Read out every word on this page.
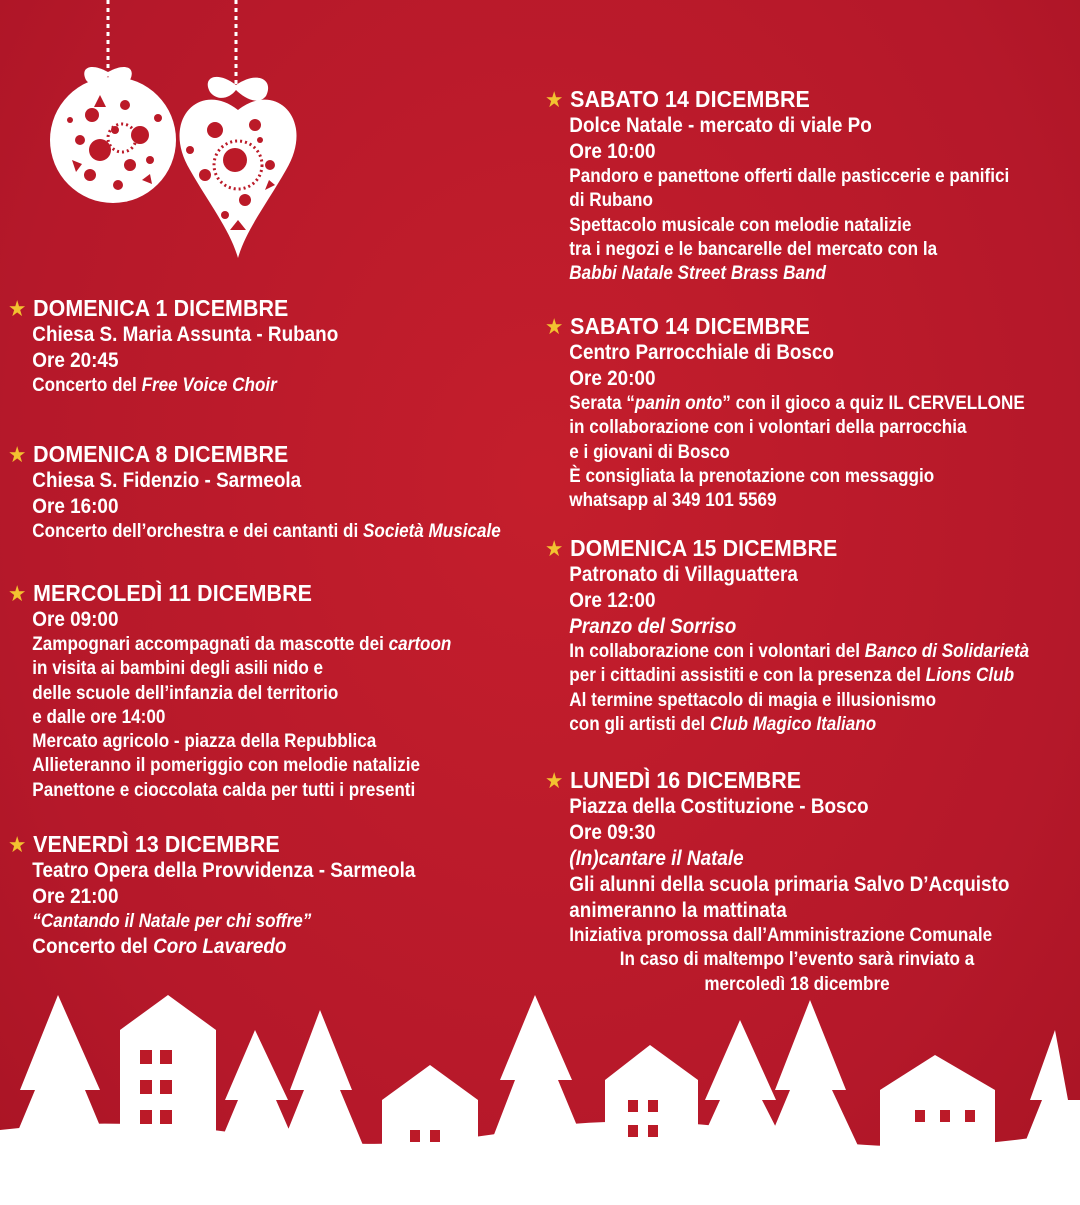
★ DOMENICA 1 DICEMBRE
Chiesa S. Maria Assunta - Rubano
Ore 20:45
Concerto del Free Voice Choir
★ DOMENICA 8 DICEMBRE
Chiesa S. Fidenzio - Sarmeola
Ore 16:00
Concerto dell’orchestra e dei cantanti di Società Musicale
★ MERCOLEDÌ 11 DICEMBRE
Ore 09:00
Zampognari accompagnati da mascotte dei cartoon
in visita ai bambini degli asili nido e
delle scuole dell’infanzia del territorio
e dalle ore 14:00
Mercato agricolo - piazza della Repubblica
Allieteranno il pomeriggio con melodie natalizie
Panettone e cioccolata calda per tutti i presenti
★ VENERDÌ 13 DICEMBRE
Teatro Opera della Provvidenza - Sarmeola
Ore 21:00
“Cantando il Natale per chi soffre”
Concerto del Coro Lavaredo
★ SABATO 14 DICEMBRE
Dolce Natale - mercato di viale Po
Ore 10:00
Pandoro e panettone offerti dalle pasticcerie e panifici
di Rubano
Spettacolo musicale con melodie natalizie
tra i negozi e le bancarelle del mercato con la
Babbi Natale Street Brass Band
★ SABATO 14 DICEMBRE
Centro Parrocchiale di Bosco
Ore 20:00
Serata “panin onto” con il gioco a quiz IL CERVELLONE
in collaborazione con i volontari della parrocchia
e i giovani di Bosco
È consigliata la prenotazione con messaggio
whatsapp al 349 101 5569
★ DOMENICA 15 DICEMBRE
Patronato di Villaguattera
Ore 12:00
Pranzo del Sorriso
In collaborazione con i volontari del Banco di Solidarietà
per i cittadini assistiti e con la presenza del Lions Club
Al termine spettacolo di magia e illusionismo
con gli artisti del Club Magico Italiano
★ LUNEDÌ 16 DICEMBRE
Piazza della Costituzione - Bosco
Ore 09:30
(In)cantare il Natale
Gli alunni della scuola primaria Salvo D’Acquisto
animeranno la mattinata
Iniziativa promossa dall’Amministrazione Comunale
In caso di maltempo l’evento sarà rinviato a
mercoledì 18 dicembre
